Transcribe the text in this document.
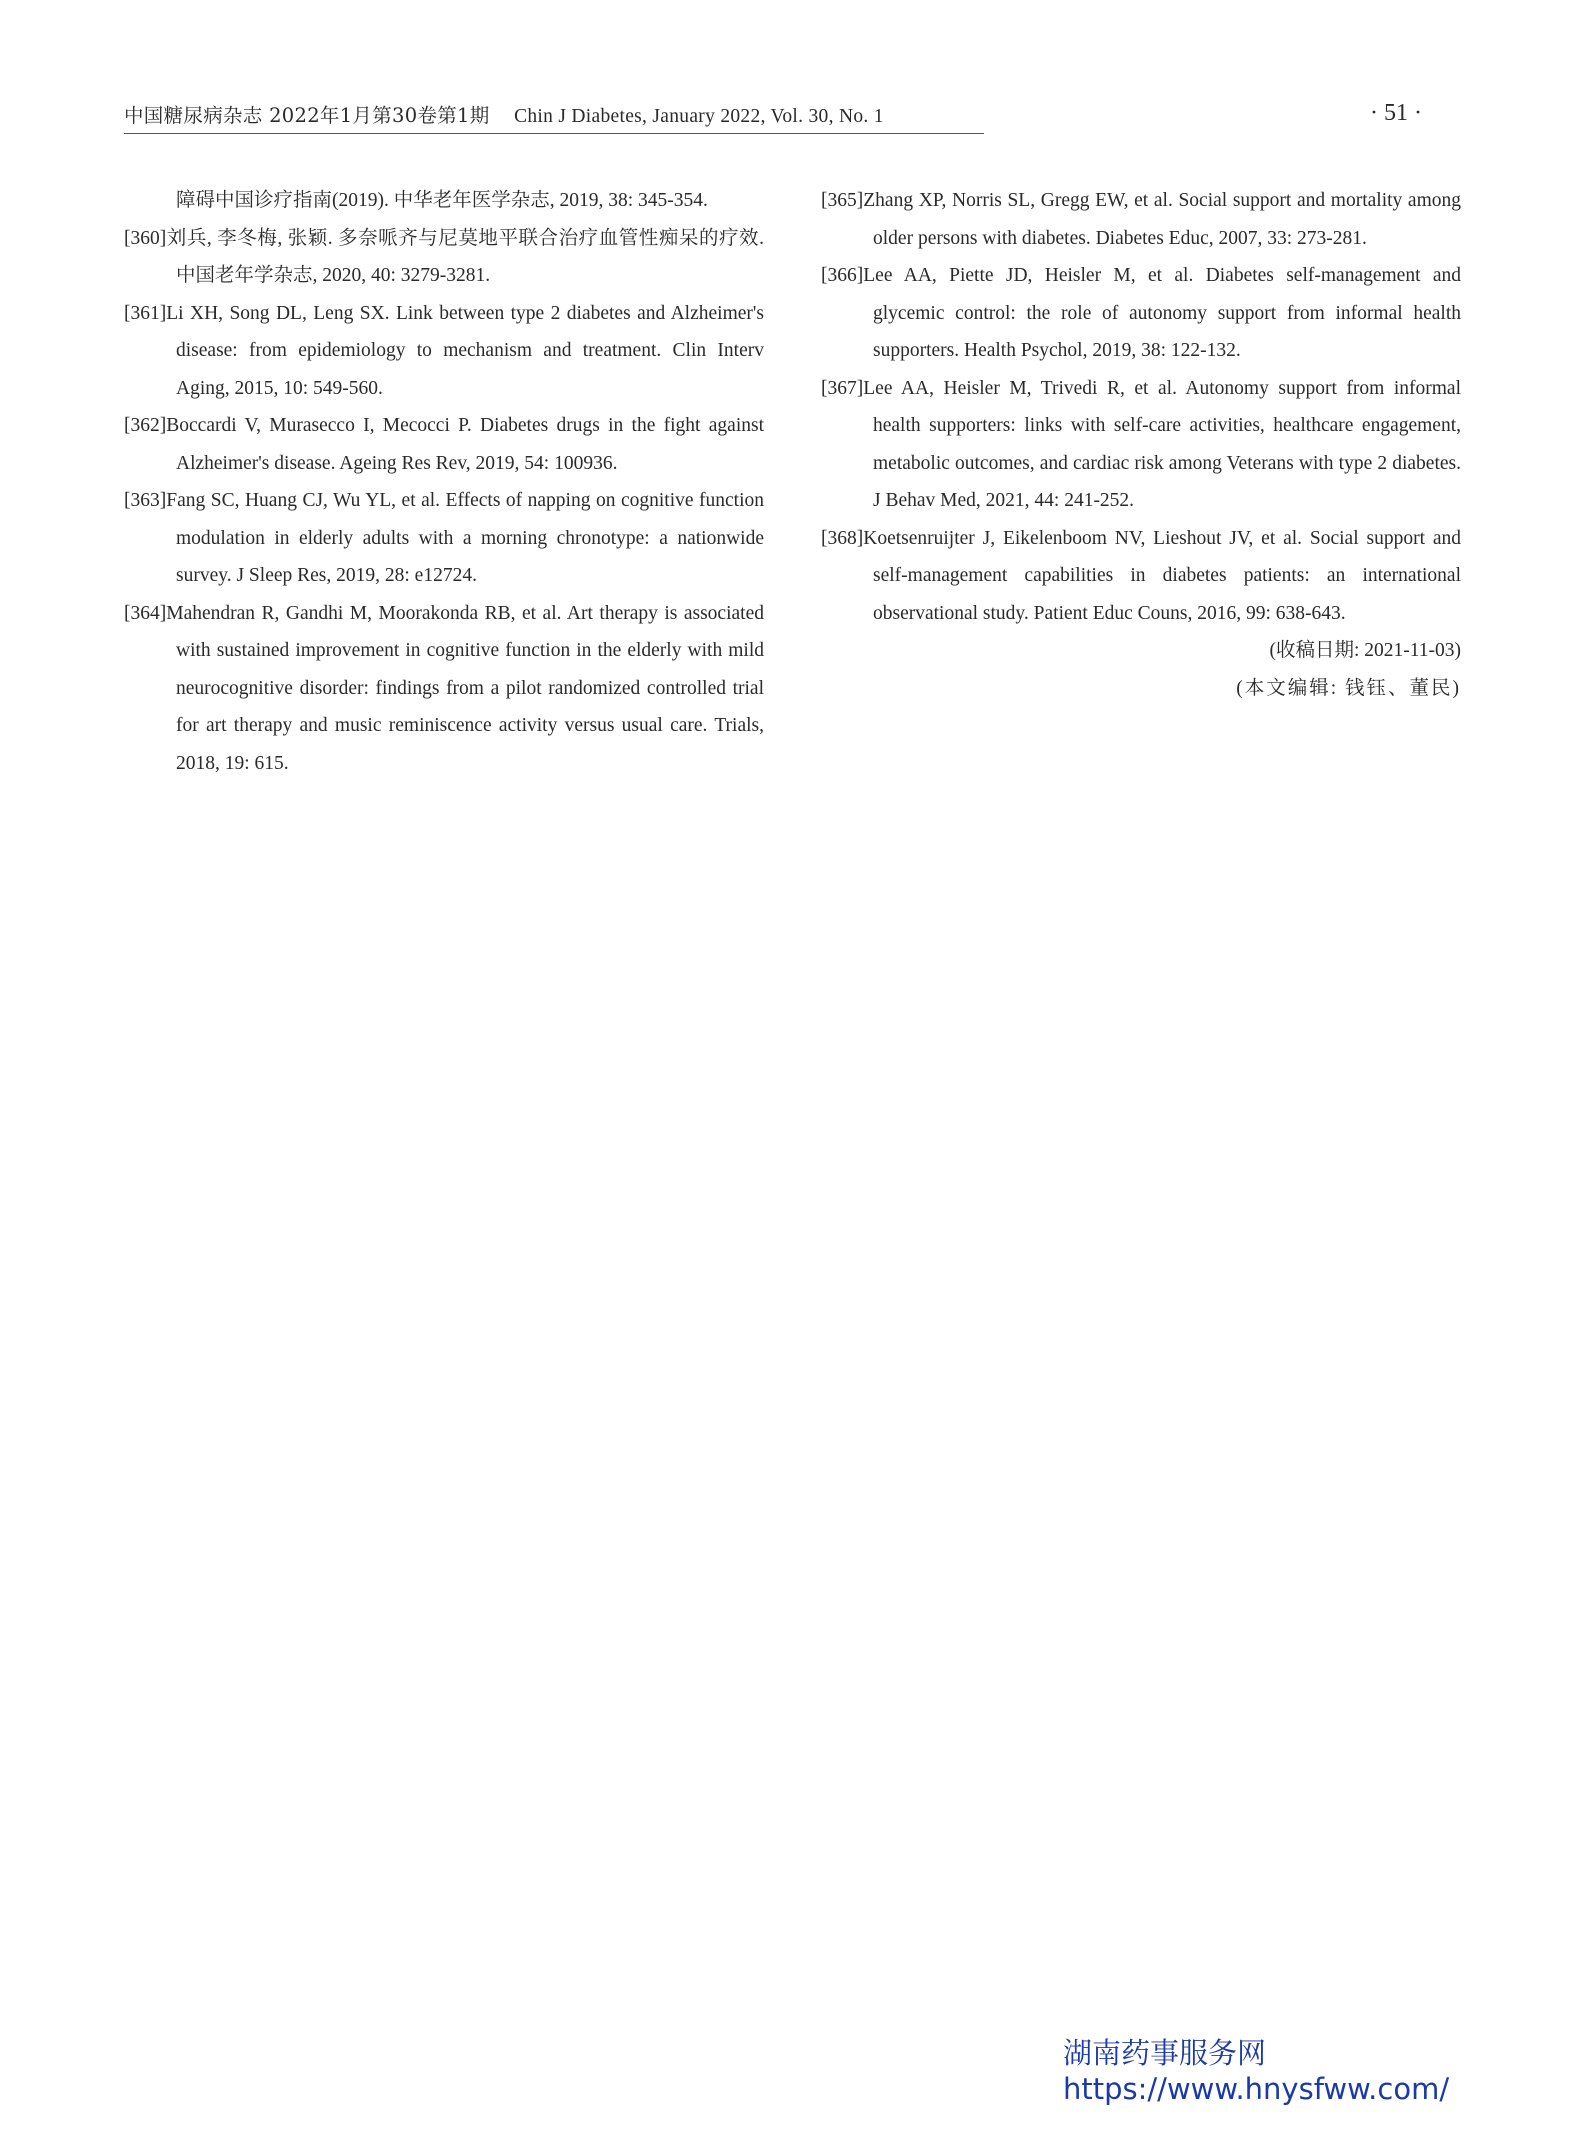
中国糖尿病杂志 2022年1月第30卷第1期 Chin J Diabetes, January 2022, Vol. 30, No. 1	· 51 ·
障碍中国诊疗指南(2019). 中华老年医学杂志, 2019, 38: 345-354.
[360]刘兵, 李冬梅, 张颖. 多奈哌齐与尼莫地平联合治疗血管性痴呆的疗效. 中国老年学杂志, 2020, 40: 3279-3281.
[361]Li XH, Song DL, Leng SX. Link between type 2 diabetes and Alzheimer's disease: from epidemiology to mechanism and treatment. Clin Interv Aging, 2015, 10: 549-560.
[362]Boccardi V, Murasecco I, Mecocci P. Diabetes drugs in the fight against Alzheimer's disease. Ageing Res Rev, 2019, 54: 100936.
[363]Fang SC, Huang CJ, Wu YL, et al. Effects of napping on cognitive function modulation in elderly adults with a morning chronotype: a nationwide survey. J Sleep Res, 2019, 28: e12724.
[364]Mahendran R, Gandhi M, Moorakonda RB, et al. Art therapy is associated with sustained improvement in cognitive function in the elderly with mild neurocognitive disorder: findings from a pilot randomized controlled trial for art therapy and music reminiscence activity versus usual care. Trials, 2018, 19: 615.
[365]Zhang XP, Norris SL, Gregg EW, et al. Social support and mortality among older persons with diabetes. Diabetes Educ, 2007, 33: 273-281.
[366]Lee AA, Piette JD, Heisler M, et al. Diabetes self-management and glycemic control: the role of autonomy support from informal health supporters. Health Psychol, 2019, 38: 122-132.
[367]Lee AA, Heisler M, Trivedi R, et al. Autonomy support from informal health supporters: links with self-care activities, healthcare engagement, metabolic outcomes, and cardiac risk among Veterans with type 2 diabetes. J Behav Med, 2021, 44: 241-252.
[368]Koetsenruijter J, Eikelenboom NV, Lieshout JV, et al. Social support and self-management capabilities in diabetes patients: an international observational study. Patient Educ Couns, 2016, 99: 638-643.
(收稿日期: 2021-11-03)
(本文编辑: 钱钰、董民)
湖南药事服务网
https://www.hnysfww.com/
